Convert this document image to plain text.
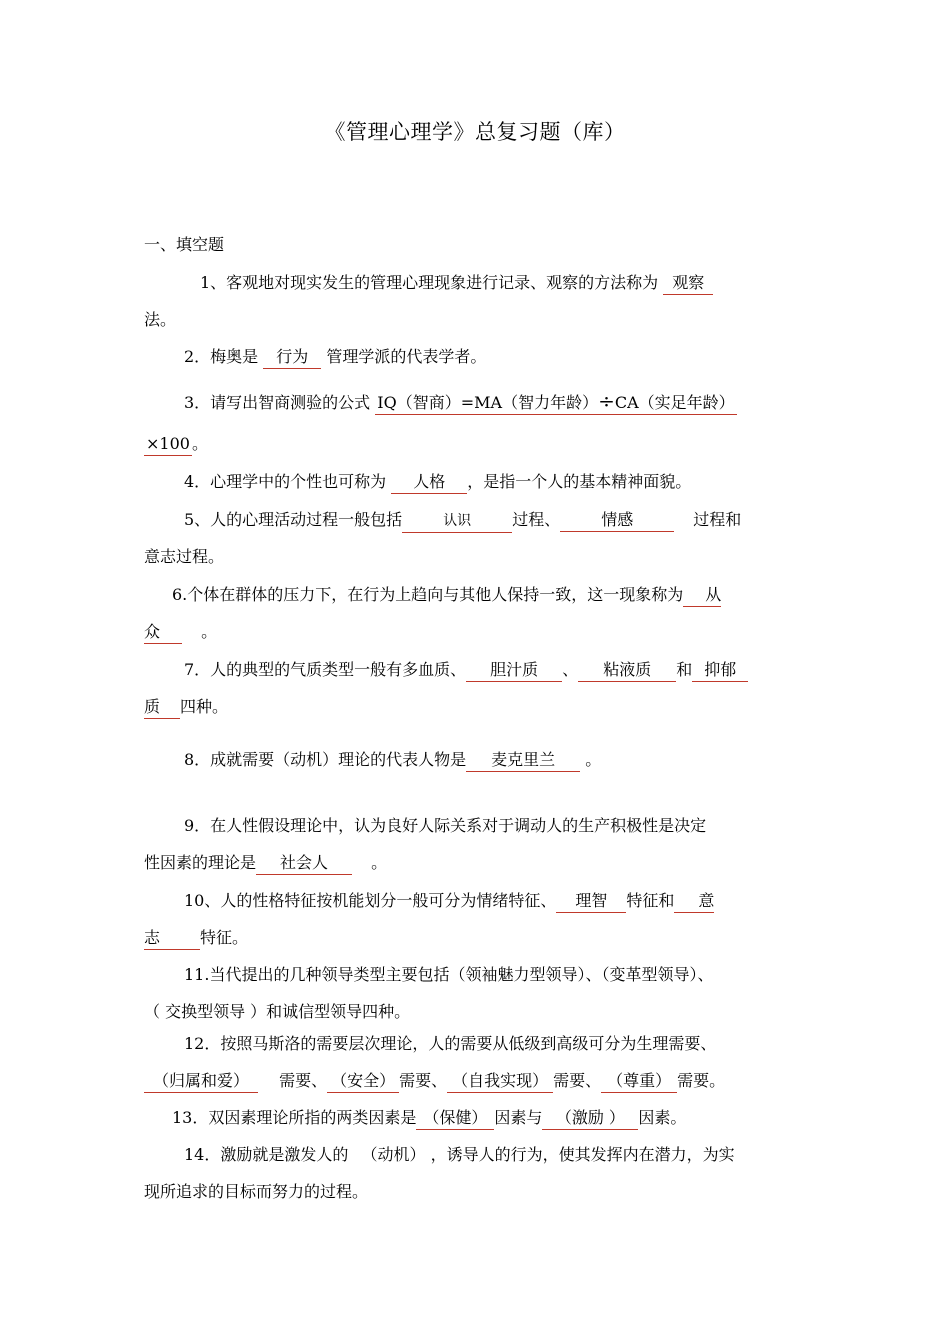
《管理心理学》总复习题（库）
一、填空题
1、客观地对现实发生的管理心理现象进行记录、观察的方法称为 观察
法。
2．梅奥是 行为 管理学派的代表学者。
3．请写出智商测验的公式 IQ（智商）=MA（智力年龄）÷CA（实足年龄）
×100 。
4．心理学中的个性也可称为 人格 ，是指一个人的基本精神面貌。
5、人的心理活动过程一般包括	认识	过程、	情感	过程和
意志过程。
6.个体在群体的压力下，在行为上趋向与其他人保持一致，这一现象称为 从
众	。
7．人的典型的气质类型一般有多血质、 胆汁质 、 粘液质 和 抑郁
质 四种。
8．成就需要（动机）理论的代表人物是 麦克里兰 。
9．在人性假设理论中，认为良好人际关系对于调动人的生产积极性是决定
性因素的理论是 社会人	。
10、人的性格特征按机能划分一般可分为情绪特征、 理智 特征和 意
志 特征。
11.当代提出的几种领导类型主要包括（领袖魅力型领导）、（变革型领导）、
（ 交换型领导 ）和诚信型领导四种。
12．按照马斯洛的需要层次理论，人的需要从低级到高级可分为生理需要、
（归属和爱） 需要、 （安全） 需要、 （自我实现） 需要、 （尊重） 需要。
13．双因素理论所指的两类因素是 （保健） 因素与 （激励 ） 因素。
14．激励就是激发人的 （动机） ，诱导人的行为，使其发挥内在潜力，为实
现所追求的目标而努力的过程。
